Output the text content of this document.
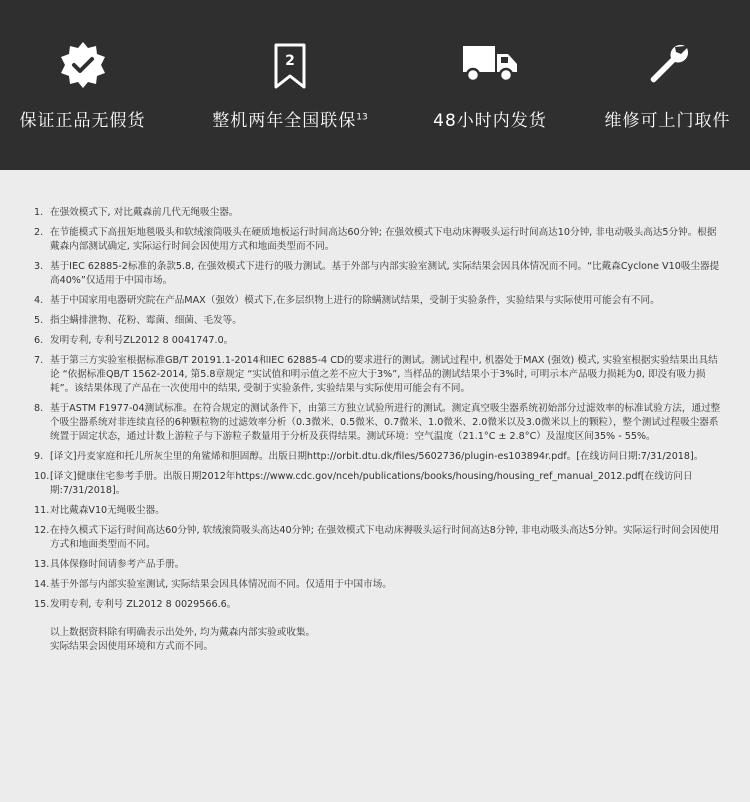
保证正品无假货
2
整机两年全国联保$^{13}$	48小时内发货	维修可上门取件
1. 在强效模式下, 对比戴森前几代无绳吸尘器。
2. 在节能模式下高扭矩地毯吸头和软绒滚筒吸头在硬质地板运行时间高达60分钟; 在强效模式下电动床褥吸头运行时间高达10分钟, 非电动吸头高达5分钟。根据戴森内部测试确定, 实际运行时间会因使用方式和地面类型而不同。
3. 基于IEC 62885-2标准的条款5.8, 在强效模式下进行的吸力测试。基于外部与内部实验室测试, 实际结果会因具体情况而不同。“比戴森Cyclone V10吸尘器提高40%”仅适用于中国市场。
4. 基于中国家用电器研究院在产品MAX（强效）模式下,在多层织物上进行的除螨测试结果，受制于实验条件，实验结果与实际使用可能会有不同。
5. 指尘螨排泄物、花粉、霉菌、细菌、毛发等。
6. 发明专利, 专利号ZL2012 8 0041747.0。
7. 基于第三方实验室根据标准GB/T 20191.1-2014和IEC 62885-4 CD的要求进行的测试。测试过程中, 机器处于MAX (强效) 模式, 实验室根据实验结果出具结论 “依据标准QB/T 1562-2014, 第5.8章规定 “实试值和明示值之差不应大于3%”, 当样品的测试结果小于3%时, 可明示本产品吸力损耗为0, 即没有吸力损耗”。该结果体现了产品在一次使用中的结果, 受制于实验条件, 实验结果与实际使用可能会有不同。
8. 基于ASTM F1977-04测试标准。在符合规定的测试条件下，由第三方独立试验所进行的测试。测定真空吸尘器系统初始部分过滤效率的标准试验方法，通过整个吸尘器系统对非连续直径的6种颗粒物的过滤效率分析（0.3微米、0.5微米、0.7微米、1.0微米、2.0微米以及3.0微米以上的颗粒），整个测试过程吸尘器系统置于固定状态，通过计数上游粒子与下游粒子数量用于分析及获得结果。测试环境：空气温度（21.1°C ± 2.8°C）及湿度区间35% - 55%。
9. [译文]丹麦家庭和托儿所灰尘里的角鲨烯和胆固醇。出版日期http://orbit.dtu.dk/files/5602736/plugin-es103894r.pdf。[在线访问日期:7/31/2018]。
10. [译文]健康住宅参考手册。出版日期2012年https://www.cdc.gov/nceh/publications/books/housing/housing_ref_manual_2012.pdf[在线访问日期:7/31/2018]。
11. 对比戴森V10无绳吸尘器。
12. 在持久模式下运行时间高达60分钟, 软绒滚筒吸头高达40分钟; 在强效模式下电动床褥吸头运行时间高达8分钟, 非电动吸头高达5分钟。实际运行时间会因使用方式和地面类型而不同。
13. 具体保修时间请参考产品手册。
14. 基于外部与内部实验室测试, 实际结果会因具体情况而不同。仅适用于中国市场。
15. 发明专利, 专利号 ZL2012 8 0029566.6。
以上数据资料除有明确表示出处外, 均为戴森内部实验或收集。
实际结果会因使用环境和方式而不同。
